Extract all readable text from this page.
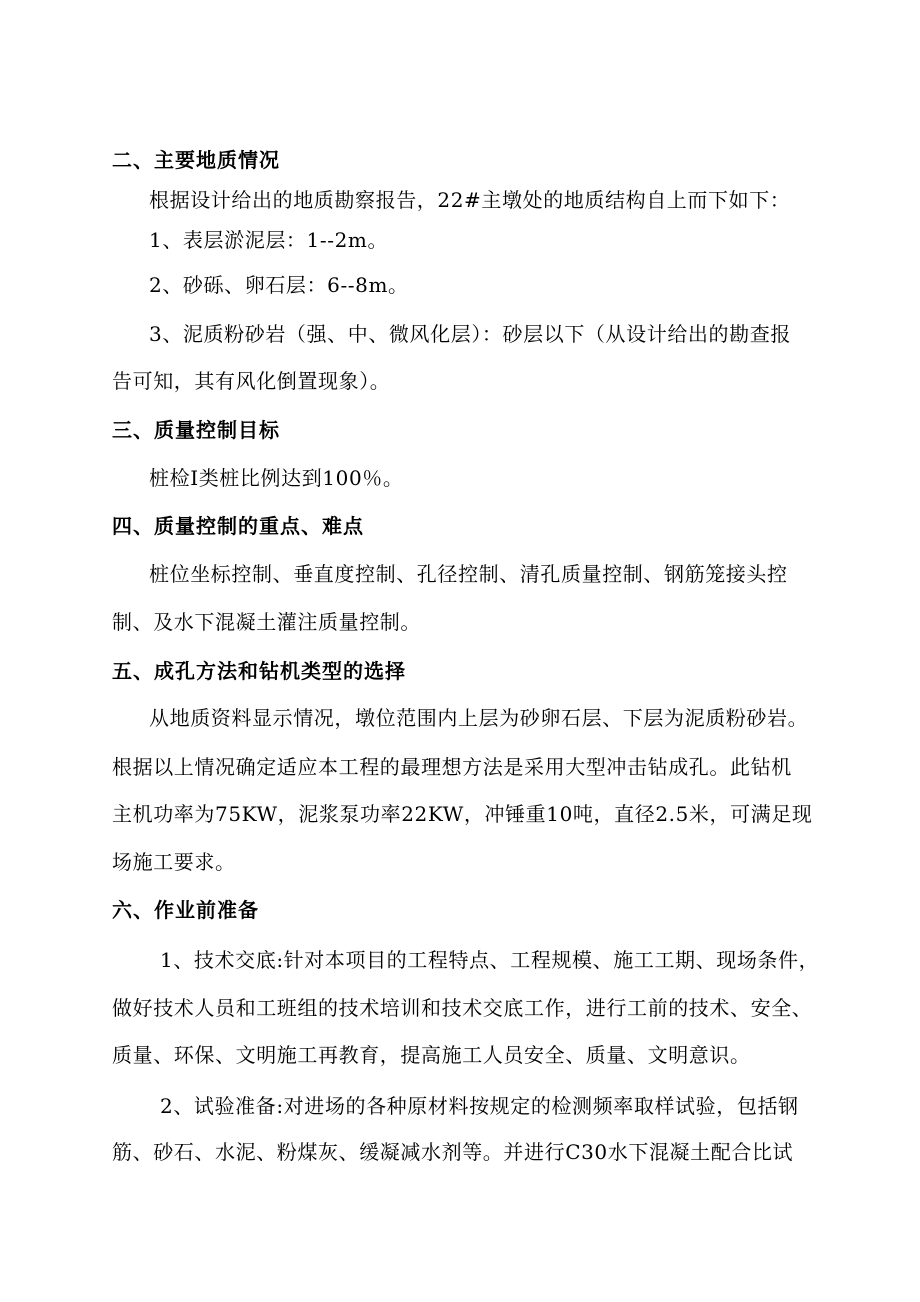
二、主要地质情况
根据设计给出的地质勘察报告，22#主墩处的地质结构自上而下如下：
1、表层淤泥层：1--2m。
2、砂砾、卵石层：6--8m。
3、泥质粉砂岩（强、中、微风化层）：砂层以下（从设计给出的勘查报
告可知，其有风化倒置现象）。
三、质量控制目标
桩检Ⅰ类桩比例达到100％。
四、质量控制的重点、难点
桩位坐标控制、垂直度控制、孔径控制、清孔质量控制、钢筋笼接头控
制、及水下混凝土灌注质量控制。
五、成孔方法和钻机类型的选择
从地质资料显示情况，墩位范围内上层为砂卵石层、下层为泥质粉砂岩。
根据以上情况确定适应本工程的最理想方法是采用大型冲击钻成孔。此钻机
主机功率为75KW，泥浆泵功率22KW，冲锤重10吨，直径2.5米，可满足现
场施工要求。
六、作业前准备
1、技术交底:针对本项目的工程特点、工程规模、施工工期、现场条件，
做好技术人员和工班组的技术培训和技术交底工作，进行工前的技术、安全、
质量、环保、文明施工再教育，提高施工人员安全、质量、文明意识。
2、试验准备:对进场的各种原材料按规定的检测频率取样试验，包括钢
筋、砂石、水泥、粉煤灰、缓凝减水剂等。并进行C30水下混凝土配合比试
